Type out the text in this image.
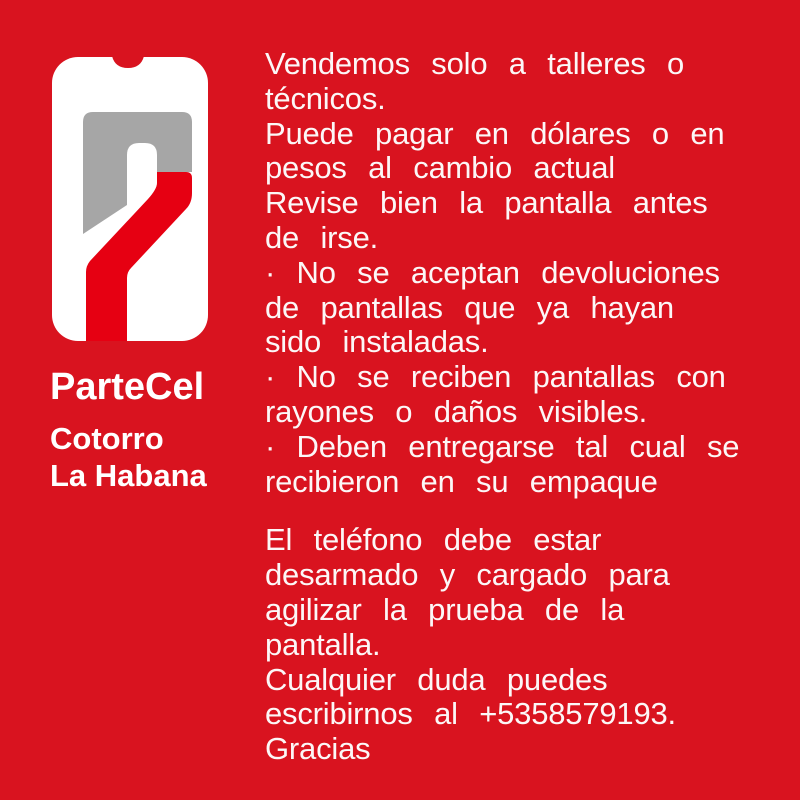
ParteCel
Cotorro
La Habana
Vendemos solo a talleres o
técnicos.
Puede pagar en dólares o en
pesos al cambio actual
Revise bien la pantalla antes
de irse.
· No se aceptan devoluciones
de pantallas que ya hayan
sido instaladas.
· No se reciben pantallas con
rayones o daños visibles.
· Deben entregarse tal cual se
recibieron en su empaque
El teléfono debe estar
desarmado y cargado para
agilizar la prueba de la
pantalla.
Cualquier duda puedes
escribirnos al +5358579193.
Gracias
